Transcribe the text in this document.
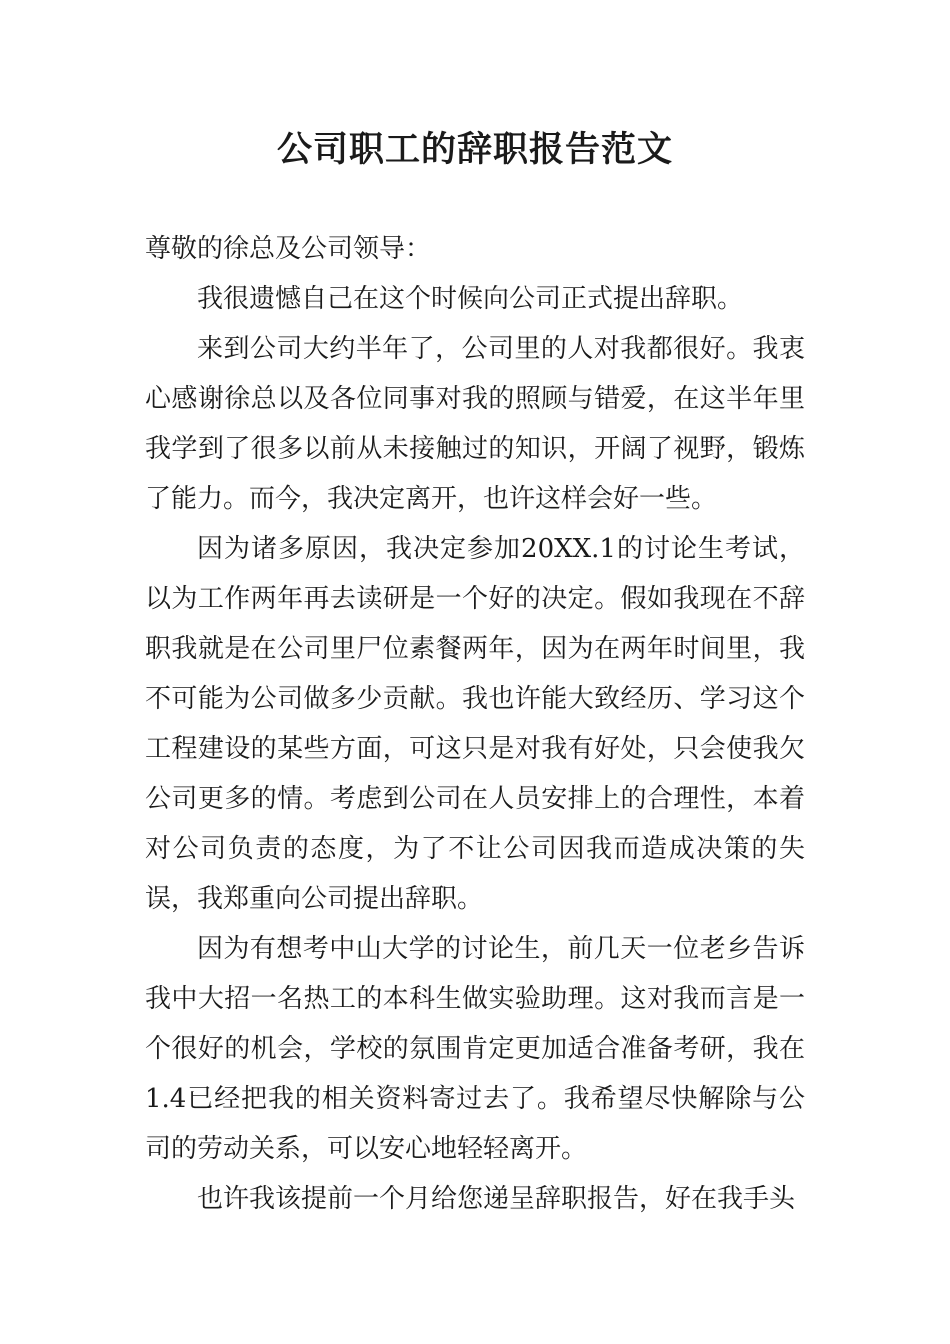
公司职工的辞职报告范文

尊敬的徐总及公司领导：

我很遗憾自己在这个时候向公司正式提出辞职。

来到公司大约半年了，公司里的人对我都很好。我衷心感谢徐总以及各位同事对我的照顾与错爱，在这半年里我学到了很多以前从未接触过的知识，开阔了视野，锻炼了能力。而今，我决定离开，也许这样会好一些。

因为诸多原因，我决定参加20XX.1的讨论生考试，以为工作两年再去读研是一个好的决定。假如我现在不辞职我就是在公司里尸位素餐两年，因为在两年时间里，我不可能为公司做多少贡献。我也许能大致经历、学习这个工程建设的某些方面，可这只是对我有好处，只会使我欠公司更多的情。考虑到公司在人员安排上的合理性，本着对公司负责的态度，为了不让公司因我而造成决策的失误，我郑重向公司提出辞职。

因为有想考中山大学的讨论生，前几天一位老乡告诉我中大招一名热工的本科生做实验助理。这对我而言是一个很好的机会，学校的氛围肯定更加适合准备考研，我在1.4已经把我的相关资料寄过去了。我希望尽快解除与公司的劳动关系，可以安心地轻轻离开。

也许我该提前一个月给您递呈辞职报告，好在我手头
